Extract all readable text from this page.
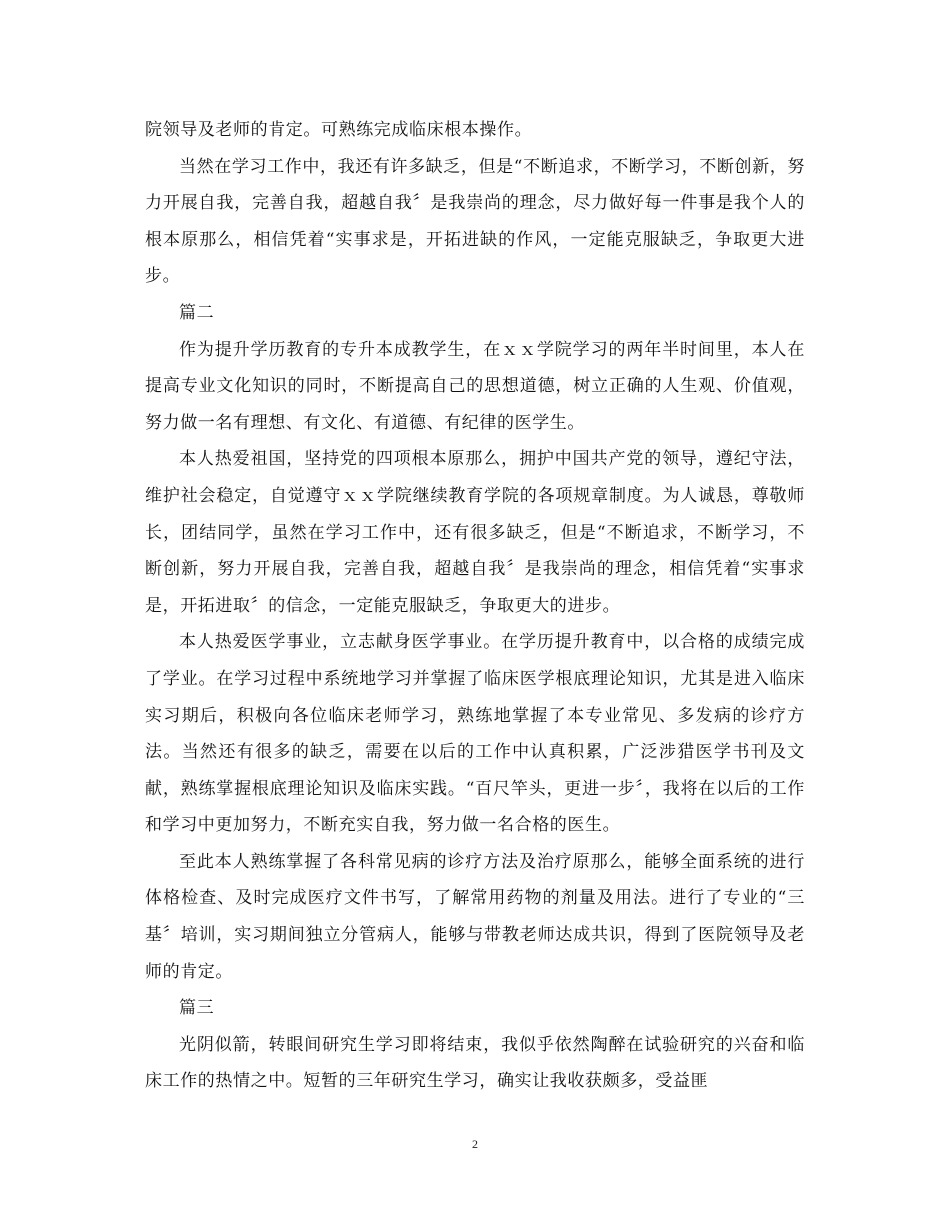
院领导及老师的肯定。可熟练完成临床根本操作。

当然在学习工作中，我还有许多缺乏，但是“不断追求，不断学习，不断创新，努力开展自我，完善自我，超越自我〞是我崇尚的理念，尽力做好每一件事是我个人的根本原那么，相信凭着“实事求是，开拓进缺的作风，一定能克服缺乏，争取更大进步。

篇二

作为提升学历教育的专升本成教学生，在ｘｘ学院学习的两年半时间里，本人在提高专业文化知识的同时，不断提高自己的思想道德，树立正确的人生观、价值观，努力做一名有理想、有文化、有道德、有纪律的医学生。

本人热爱祖国，坚持党的四项根本原那么，拥护中国共产党的领导，遵纪守法，维护社会稳定，自觉遵守ｘｘ学院继续教育学院的各项规章制度。为人诚恳，尊敬师长，团结同学，虽然在学习工作中，还有很多缺乏，但是“不断追求，不断学习，不断创新，努力开展自我，完善自我，超越自我〞是我崇尚的理念，相信凭着“实事求是，开拓进取〞的信念，一定能克服缺乏，争取更大的进步。

本人热爱医学事业，立志献身医学事业。在学历提升教育中，以合格的成绩完成了学业。在学习过程中系统地学习并掌握了临床医学根底理论知识，尤其是进入临床实习期后，积极向各位临床老师学习，熟练地掌握了本专业常见、多发病的诊疗方法。当然还有很多的缺乏，需要在以后的工作中认真积累，广泛涉猎医学书刊及文献，熟练掌握根底理论知识及临床实践。“百尺竿头，更进一步〞，我将在以后的工作和学习中更加努力，不断充实自我，努力做一名合格的医生。

至此本人熟练掌握了各科常见病的诊疗方法及治疗原那么，能够全面系统的进行体格检查、及时完成医疗文件书写，了解常用药物的剂量及用法。进行了专业的“三基〞培训，实习期间独立分管病人，能够与带教老师达成共识，得到了医院领导及老师的肯定。

篇三

光阴似箭，转眼间研究生学习即将结束，我似乎依然陶醉在试验研究的兴奋和临床工作的热情之中。短暂的三年研究生学习，确实让我收获颇多，受益匪

2
